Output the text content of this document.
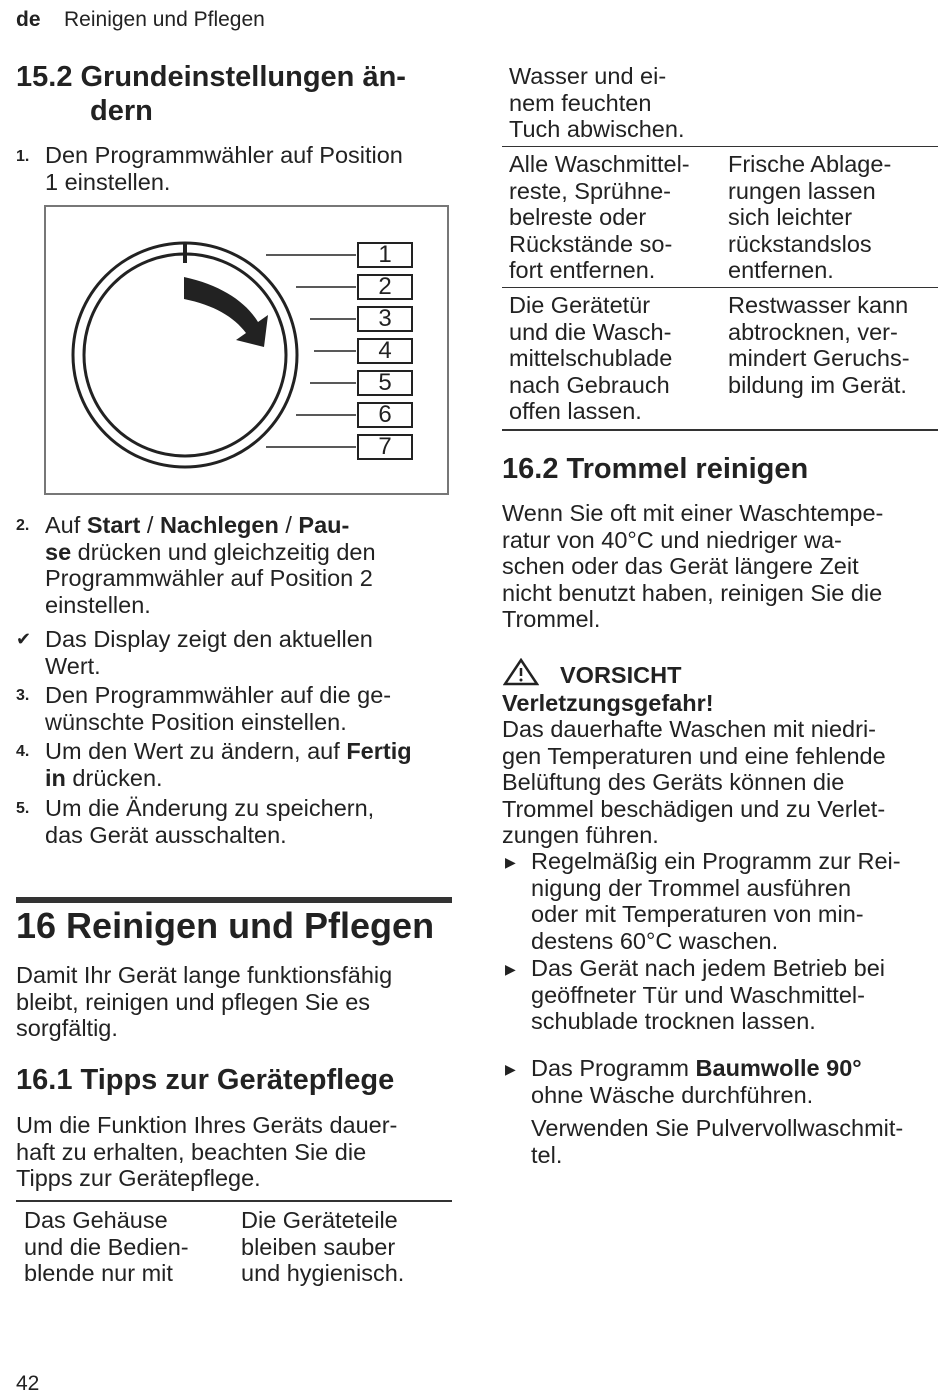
de Reinigen und Pflegen
15.2 Grundeinstellungen än-
dern
1. Den Programmwähler auf Position
1 einstellen.
1
2
3
4
5
6
7
2. Auf Start / Nachlegen / Pau-
se drücken und gleichzeitig den
Programmwähler auf Position 2
einstellen.
✔ Das Display zeigt den aktuellen
Wert.
3. Den Programmwähler auf die ge-
wünschte Position einstellen.
4. Um den Wert zu ändern, auf Fertig
in drücken.
5. Um die Änderung zu speichern,
das Gerät ausschalten.
16 Reinigen und Pflegen
Damit Ihr Gerät lange funktionsfähig
bleibt, reinigen und pflegen Sie es
sorgfältig.
16.1 Tipps zur Gerätepflege
Um die Funktion Ihres Geräts dauer-
haft zu erhalten, beachten Sie die
Tipps zur Gerätepflege.
Das Gehäuse
und die Bedien-
blende nur mit
Die Geräteteile
bleiben sauber
und hygienisch.
Wasser und ei-
nem feuchten
Tuch abwischen.
Alle Waschmittel-
reste, Sprühne-
belreste oder
Rückstände so-
fort entfernen.
Frische Ablage-
rungen lassen
sich leichter
rückstandslos
entfernen.
Die Gerätetür
und die Wasch-
mittelschublade
nach Gebrauch
offen lassen.
Restwasser kann
abtrocknen, ver-
mindert Geruchs-
bildung im Gerät.
16.2 Trommel reinigen
Wenn Sie oft mit einer Waschtempe-
ratur von 40°C und niedriger wa-
schen oder das Gerät längere Zeit
nicht benutzt haben, reinigen Sie die
Trommel.
VORSICHT
Verletzungsgefahr!
Das dauerhafte Waschen mit niedri-
gen Temperaturen und eine fehlende
Belüftung des Geräts können die
Trommel beschädigen und zu Verlet-
zungen führen.
▶ Regelmäßig ein Programm zur Rei-
nigung der Trommel ausführen
oder mit Temperaturen von min-
destens 60°C waschen.
▶ Das Gerät nach jedem Betrieb bei
geöffneter Tür und Waschmittel-
schublade trocknen lassen.
▶ Das Programm Baumwolle 90°
ohne Wäsche durchführen.
Verwenden Sie Pulvervollwaschmit-
tel.
42
